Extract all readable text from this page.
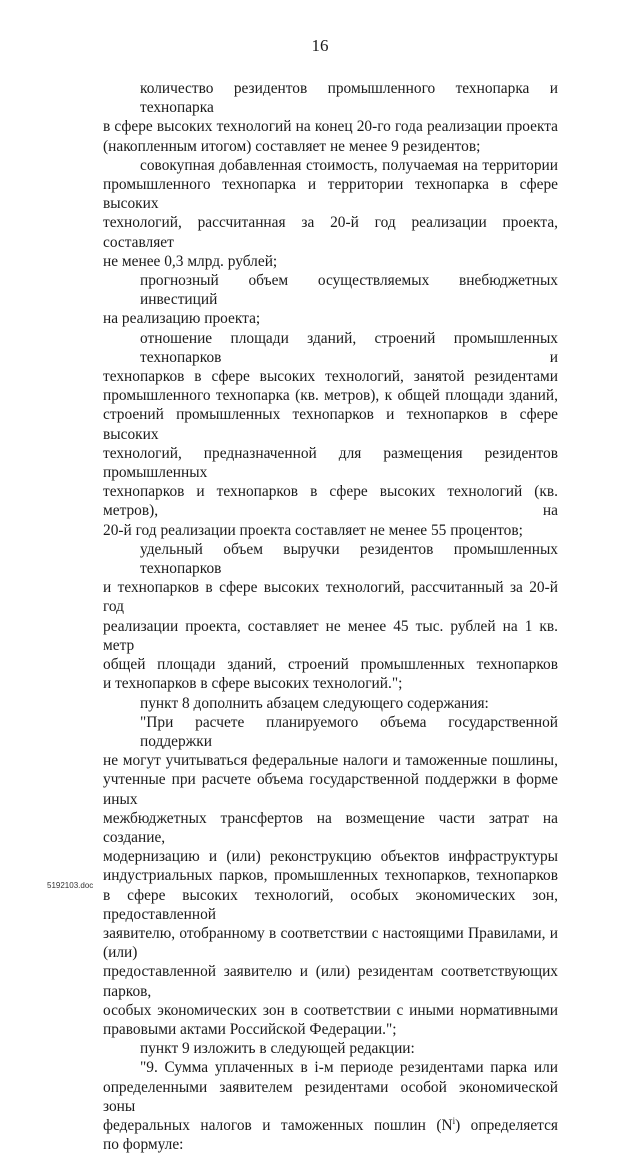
16
количество резидентов промышленного технопарка и технопарка
в сфере высоких технологий на конец 20-го года реализации проекта
(накопленным итогом) составляет не менее 9 резидентов;
совокупная добавленная стоимость, получаемая на территории
промышленного технопарка и территории технопарка в сфере высоких
технологий, рассчитанная за 20-й год реализации проекта, составляет
не менее 0,3 млрд. рублей;
прогнозный объем осуществляемых внебюджетных инвестиций
на реализацию проекта;
отношение площади зданий, строений промышленных технопарков и
технопарков в сфере высоких технологий, занятой резидентами
промышленного технопарка (кв. метров), к общей площади зданий,
строений промышленных технопарков и технопарков в сфере высоких
технологий, предназначенной для размещения резидентов промышленных
технопарков и технопарков в сфере высоких технологий (кв. метров), на
20-й год реализации проекта составляет не менее 55 процентов;
удельный объем выручки резидентов промышленных технопарков
и технопарков в сфере высоких технологий, рассчитанный за 20-й год
реализации проекта, составляет не менее 45 тыс. рублей на 1 кв. метр
общей площади зданий, строений промышленных технопарков
и технопарков в сфере высоких технологий.";
пункт 8 дополнить абзацем следующего содержания:
"При расчете планируемого объема государственной поддержки
не могут учитываться федеральные налоги и таможенные пошлины,
учтенные при расчете объема государственной поддержки в форме иных
межбюджетных трансфертов на возмещение части затрат на создание,
модернизацию и (или) реконструкцию объектов инфраструктуры
индустриальных парков, промышленных технопарков, технопарков
в сфере высоких технологий, особых экономических зон, предоставленной
заявителю, отобранному в соответствии с настоящими Правилами, и (или)
предоставленной заявителю и (или) резидентам соответствующих парков,
особых экономических зон в соответствии с иными нормативными
правовыми актами Российской Федерации.";
пункт 9 изложить в следующей редакции:
"9. Сумма уплаченных в i-м периоде резидентами парка или
определенными заявителем резидентами особой экономической зоны
федеральных налогов и таможенных пошлин $(N^i)$ определяется
по формуле:
5192103.doc
